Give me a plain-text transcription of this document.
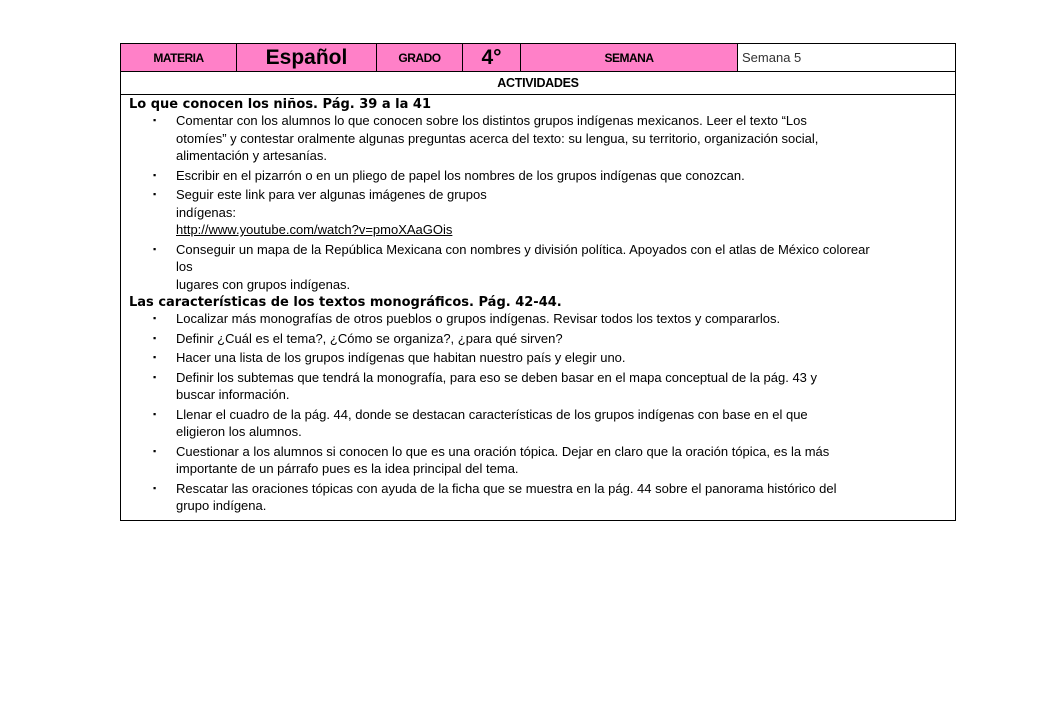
MATERIA	Español	GRADO	4°	SEMANA	Semana 5
ACTIVIDADES
Lo que conocen los niños. Pág. 39 a la 41
▪ Comentar con los alumnos lo que conocen sobre los distintos grupos indígenas mexicanos. Leer el texto “Los
otomíes” y contestar oralmente algunas preguntas acerca del texto: su lengua, su territorio, organización social,
alimentación y artesanías.
▪ Escribir en el pizarrón o en un pliego de papel los nombres de los grupos indígenas que conozcan.
▪ Seguir este link para ver algunas imágenes de grupos
indígenas:
http://www.youtube.com/watch?v=pmoXAaGOis
▪ Conseguir un mapa de la República Mexicana con nombres y división política. Apoyados con el atlas de México colorear
los
lugares con grupos indígenas.
Las características de los textos monográficos. Pág. 42-44.
▪ Localizar más monografías de otros pueblos o grupos indígenas. Revisar todos los textos y compararlos.
▪ Definir ¿Cuál es el tema?, ¿Cómo se organiza?, ¿para qué sirven?
▪ Hacer una lista de los grupos indígenas que habitan nuestro país y elegir uno.
▪ Definir los subtemas que tendrá la monografía, para eso se deben basar en el mapa conceptual de la pág. 43 y
buscar información.
▪ Llenar el cuadro de la pág. 44, donde se destacan características de los grupos indígenas con base en el que
eligieron los alumnos.
▪ Cuestionar a los alumnos si conocen lo que es una oración tópica. Dejar en claro que la oración tópica, es la más
importante de un párrafo pues es la idea principal del tema.
▪ Rescatar las oraciones tópicas con ayuda de la ficha que se muestra en la pág. 44 sobre el panorama histórico del
grupo indígena.
